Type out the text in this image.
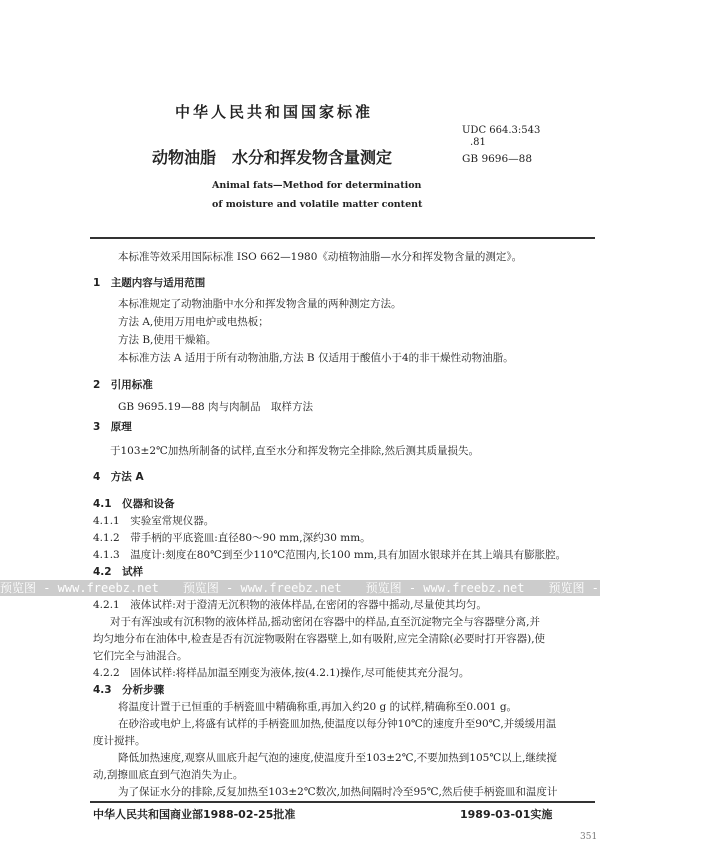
中华人民共和国国家标准
UDC 664.3:543
.81
动物油脂　水分和挥发物含量测定	GB 9696—88
Animal fats—Method for determination
of moisture and volatile matter content
本标准等效采用国际标准 ISO 662—1980《动植物油脂—水分和挥发物含量的测定》。
1　主题内容与适用范围
本标准规定了动物油脂中水分和挥发物含量的两种测定方法。
方法 A,使用万用电炉或电热板；
方法 B,使用干燥箱。
本标准方法 A 适用于所有动物油脂,方法 B 仅适用于酸值小于4的非干燥性动物油脂。
2　引用标准
GB 9695.19—88 肉与肉制品　取样方法
3　原理
于103±2℃加热所制备的试样,直至水分和挥发物完全排除,然后测其质量损失。
4　方法 A
4.1　仪器和设备
4.1.1　实验室常规仪器。
4.1.2　带手柄的平底瓷皿:直径80～90 mm,深约30 mm。
4.1.3　温度计:刻度在80℃到至少110℃范围内,长100 mm,具有加固水银球并在其上端具有膨胀腔。
4.2　试样
4.2.1　液体试样:对于澄清无沉积物的液体样品,在密闭的容器中摇动,尽量使其均匀。
对于有浑浊或有沉积物的液体样品,摇动密闭在容器中的样品,直至沉淀物完全与容器壁分离,并
均匀地分布在油体中,检查是否有沉淀物吸附在容器壁上,如有吸附,应完全清除(必要时打开容器),使
它们完全与油混合。
4.2.2　固体试样:将样品加温至刚变为液体,按(4.2.1)操作,尽可能使其充分混匀。
4.3　分析步骤
将温度计置于已恒重的手柄瓷皿中精确称重,再加入约20 g 的试样,精确称至0.001 g。
在砂浴或电炉上,将盛有试样的手柄瓷皿加热,使温度以每分钟10℃的速度升至90℃,并缓缓用温
度计搅拌。
降低加热速度,观察从皿底升起气泡的速度,使温度升至103±2℃,不要加热到105℃以上,继续搅
动,刮擦皿底直到气泡消失为止。
为了保证水分的排除,反复加热至103±2℃数次,加热间隔时冷至95℃,然后使手柄瓷皿和温度计
预览图 - www.freebz.net　　预览图 - www.freebz.net　　预览图 - www.freebz.net　　预览图 - www.freebz.net
中华人民共和国商业部1988-02-25批准	1989-03-01实施
351
